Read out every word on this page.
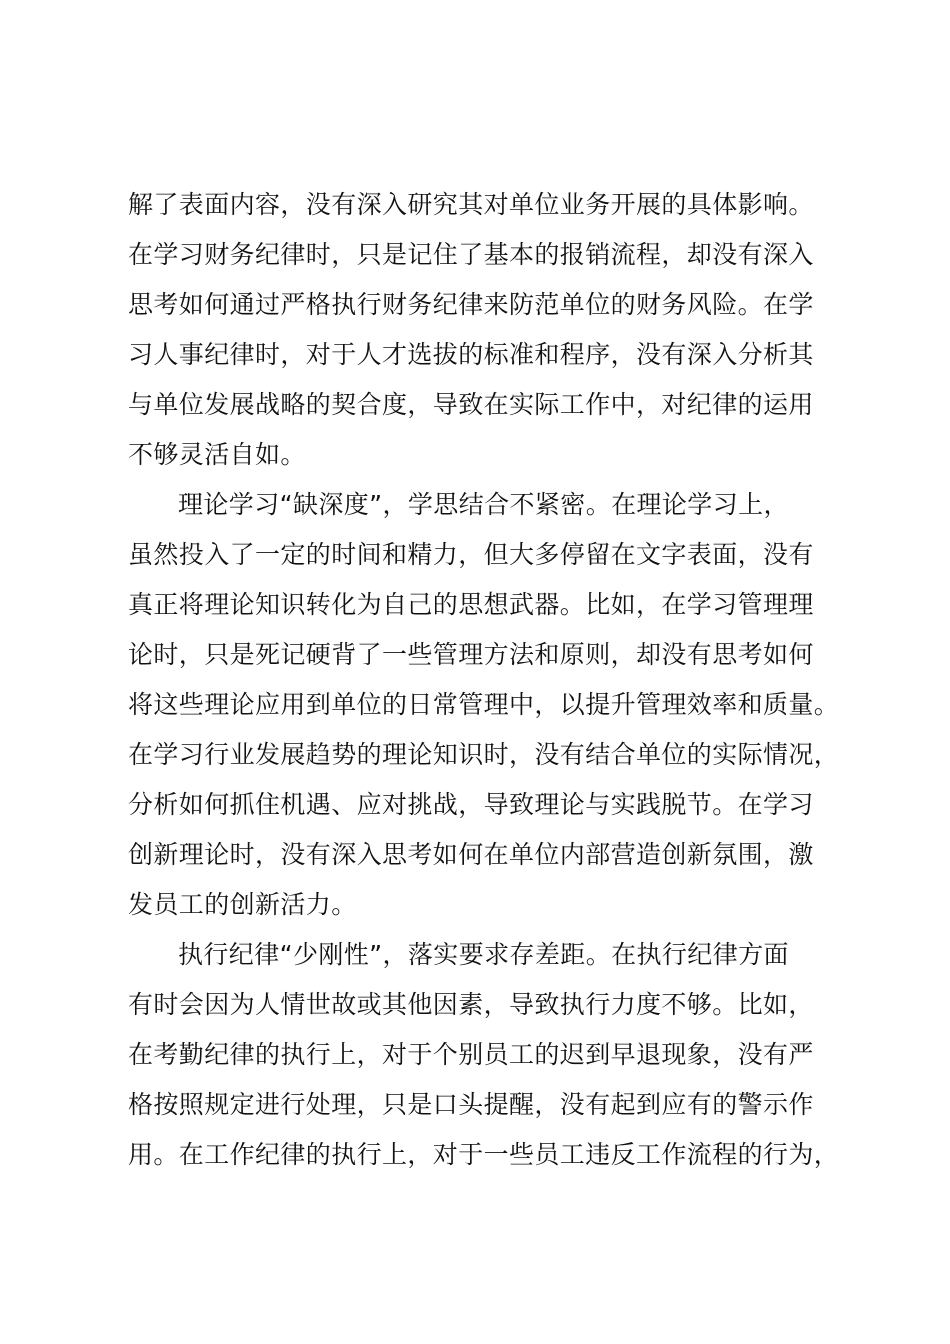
解了表面内容，没有深入研究其对单位业务开展的具体影响。
在学习财务纪律时，只是记住了基本的报销流程，却没有深入
思考如何通过严格执行财务纪律来防范单位的财务风险。在学
习人事纪律时，对于人才选拔的标准和程序，没有深入分析其
与单位发展战略的契合度，导致在实际工作中，对纪律的运用
不够灵活自如。
理论学习“缺深度”，学思结合不紧密。在理论学习上，
虽然投入了一定的时间和精力，但大多停留在文字表面，没有
真正将理论知识转化为自己的思想武器。比如，在学习管理理
论时，只是死记硬背了一些管理方法和原则，却没有思考如何
将这些理论应用到单位的日常管理中，以提升管理效率和质量。
在学习行业发展趋势的理论知识时，没有结合单位的实际情况，
分析如何抓住机遇、应对挑战，导致理论与实践脱节。在学习
创新理论时，没有深入思考如何在单位内部营造创新氛围，激
发员工的创新活力。
执行纪律“少刚性”，落实要求存差距。在执行纪律方面
有时会因为人情世故或其他因素，导致执行力度不够。比如，
在考勤纪律的执行上，对于个别员工的迟到早退现象，没有严
格按照规定进行处理，只是口头提醒，没有起到应有的警示作
用。在工作纪律的执行上，对于一些员工违反工作流程的行为，
